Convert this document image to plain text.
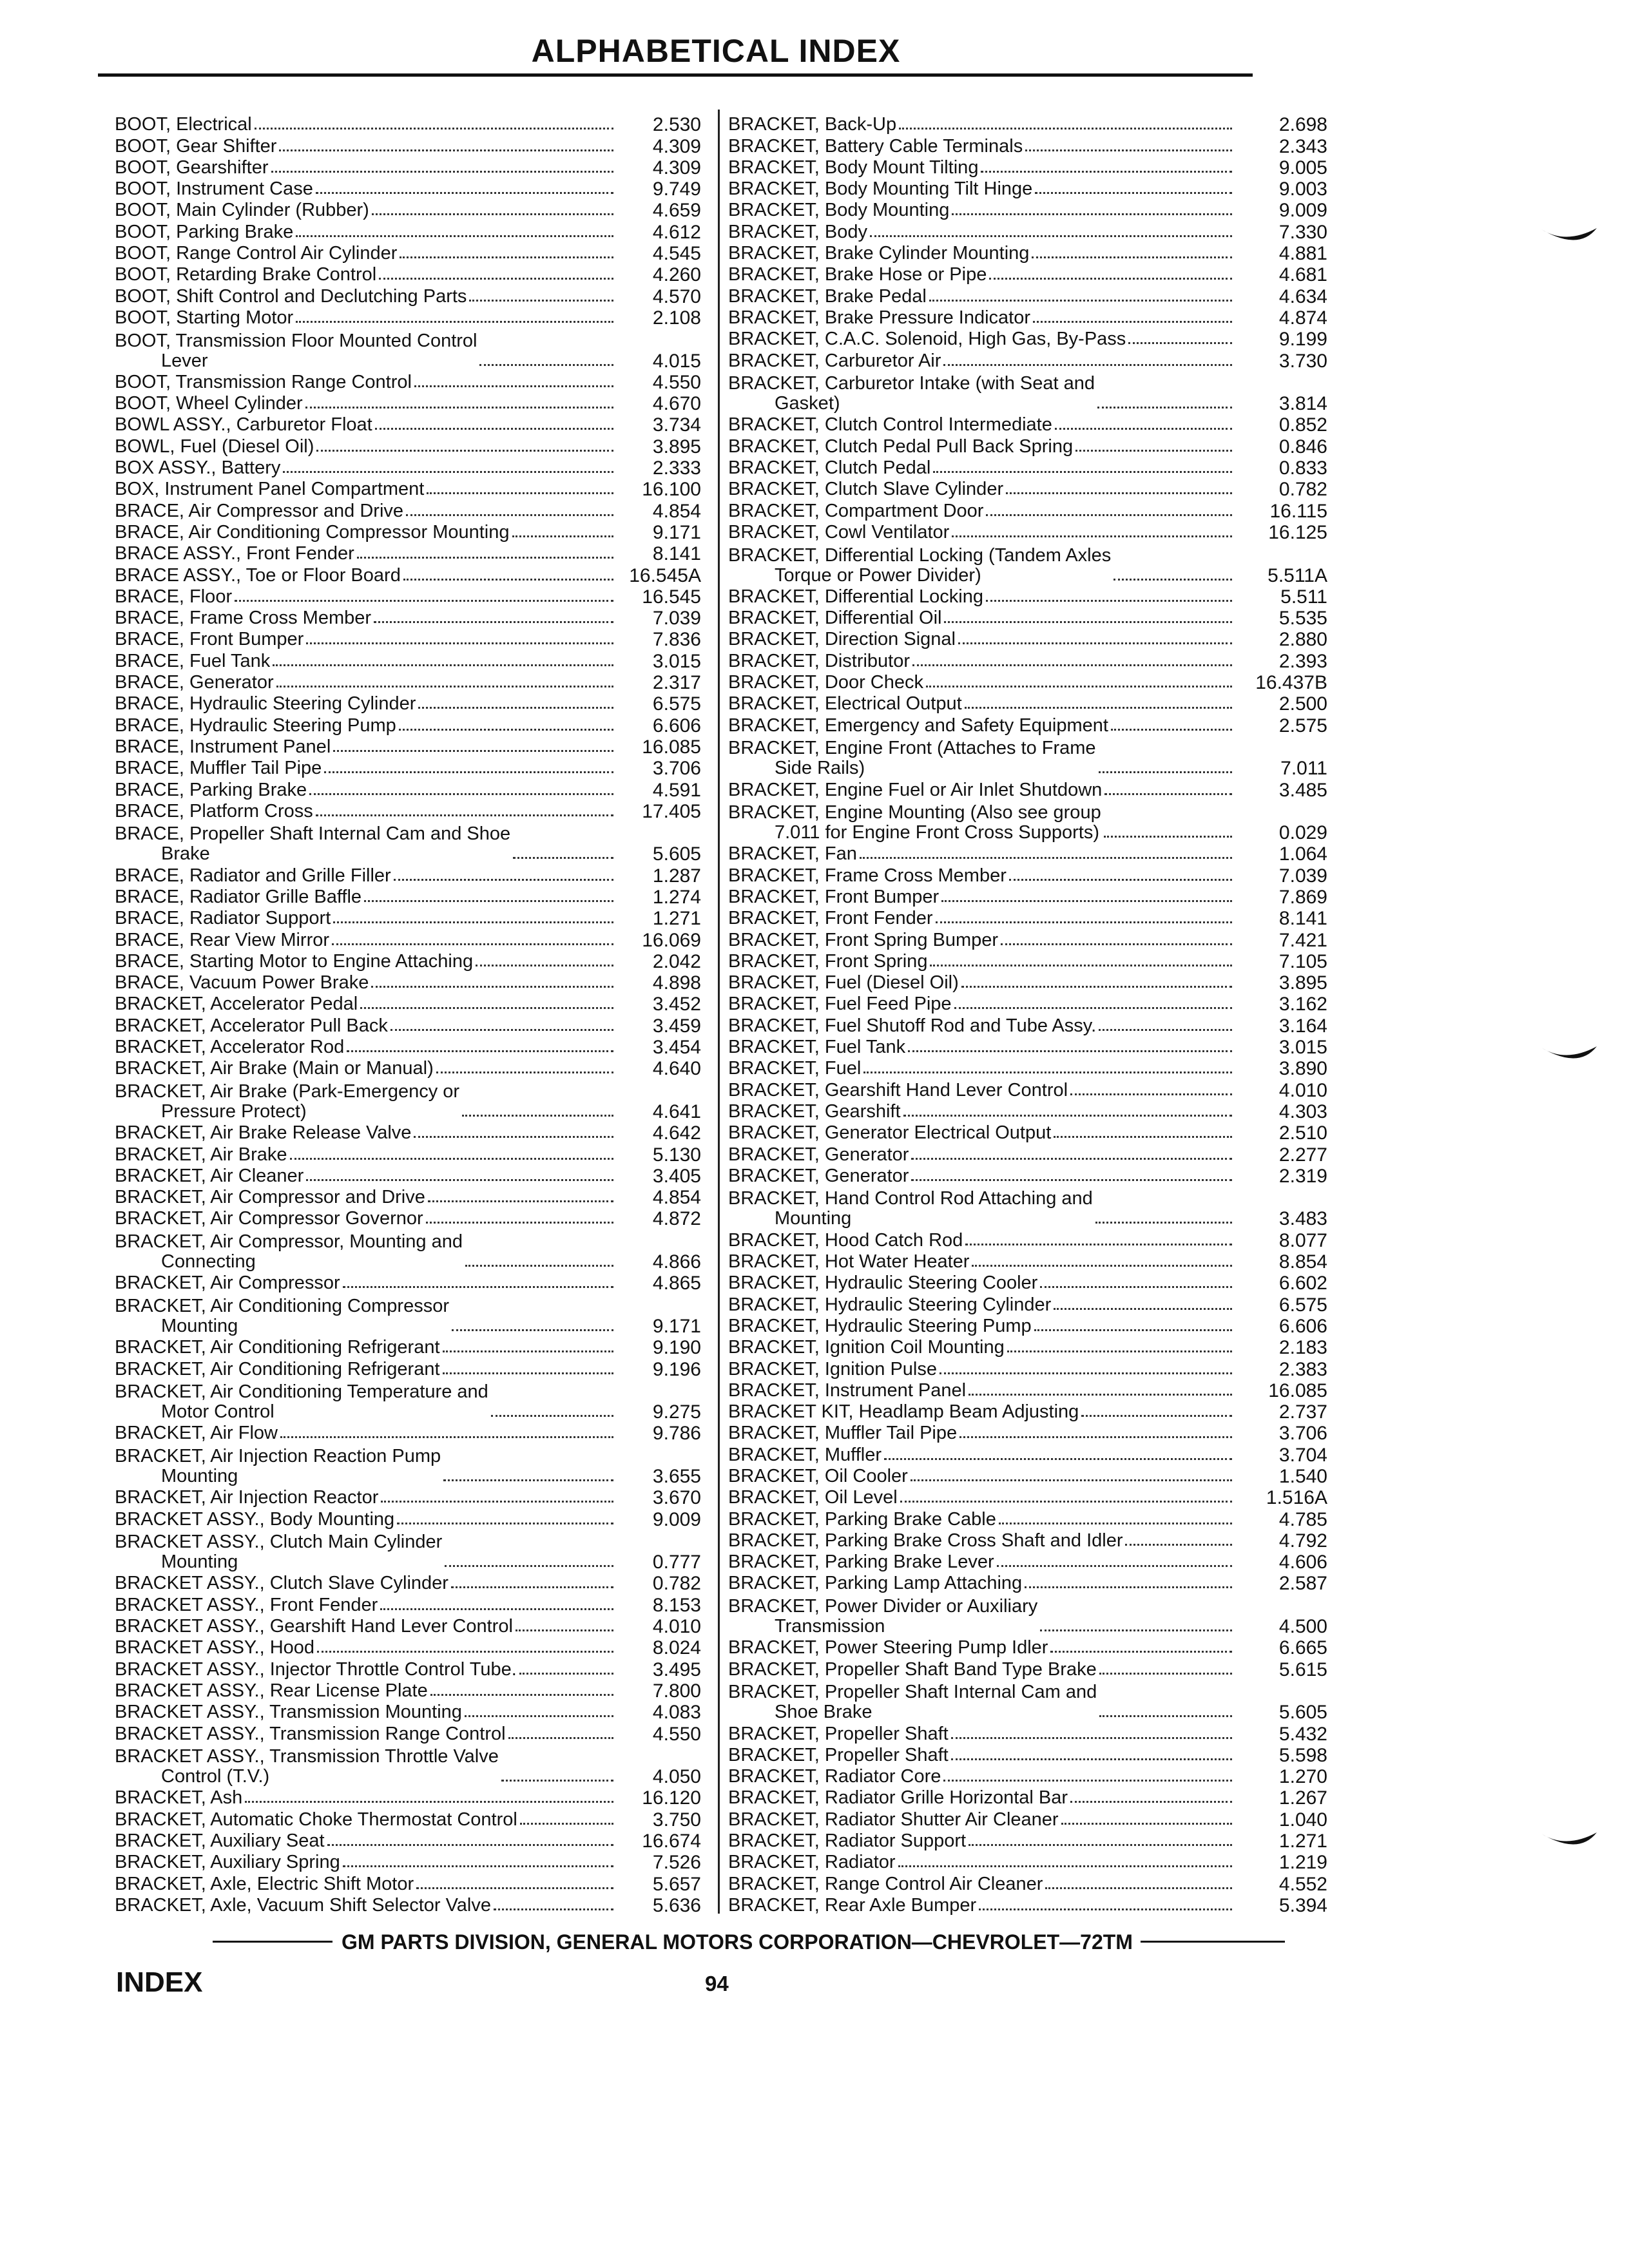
ALPHABETICAL INDEX
BOOT, Electrical	2.530
BOOT, Gear Shifter	4.309
BOOT, Gearshifter	4.309
BOOT, Instrument Case	9.749
BOOT, Main Cylinder (Rubber)	4.659
BOOT, Parking Brake	4.612
BOOT, Range Control Air Cylinder	4.545
BOOT, Retarding Brake Control	4.260
BOOT, Shift Control and Declutching Parts	4.570
BOOT, Starting Motor	2.108
BOOT, Transmission Floor Mounted Control
Lever	4.015
BOOT, Transmission Range Control	4.550
BOOT, Wheel Cylinder	4.670
BOWL ASSY., Carburetor Float	3.734
BOWL, Fuel (Diesel Oil)	3.895
BOX ASSY., Battery	2.333
BOX, Instrument Panel Compartment	16.100
BRACE, Air Compressor and Drive	4.854
BRACE, Air Conditioning Compressor Mounting	9.171
BRACE ASSY., Front Fender	8.141
BRACE ASSY., Toe or Floor Board	16.545A
BRACE, Floor	16.545
BRACE, Frame Cross Member	7.039
BRACE, Front Bumper	7.836
BRACE, Fuel Tank	3.015
BRACE, Generator	2.317
BRACE, Hydraulic Steering Cylinder	6.575
BRACE, Hydraulic Steering Pump	6.606
BRACE, Instrument Panel	16.085
BRACE, Muffler Tail Pipe	3.706
BRACE, Parking Brake	4.591
BRACE, Platform Cross	17.405
BRACE, Propeller Shaft Internal Cam and Shoe
Brake	5.605
BRACE, Radiator and Grille Filler	1.287
BRACE, Radiator Grille Baffle	1.274
BRACE, Radiator Support	1.271
BRACE, Rear View Mirror	16.069
BRACE, Starting Motor to Engine Attaching	2.042
BRACE, Vacuum Power Brake	4.898
BRACKET, Accelerator Pedal	3.452
BRACKET, Accelerator Pull Back	3.459
BRACKET, Accelerator Rod	3.454
BRACKET, Air Brake (Main or Manual)	4.640
BRACKET, Air Brake (Park-Emergency or
Pressure Protect)	4.641
BRACKET, Air Brake Release Valve	4.642
BRACKET, Air Brake	5.130
BRACKET, Air Cleaner	3.405
BRACKET, Air Compressor and Drive	4.854
BRACKET, Air Compressor Governor	4.872
BRACKET, Air Compressor, Mounting and
Connecting	4.866
BRACKET, Air Compressor	4.865
BRACKET, Air Conditioning Compressor
Mounting	9.171
BRACKET, Air Conditioning Refrigerant	9.190
BRACKET, Air Conditioning Refrigerant	9.196
BRACKET, Air Conditioning Temperature and
Motor Control	9.275
BRACKET, Air Flow	9.786
BRACKET, Air Injection Reaction Pump
Mounting	3.655
BRACKET, Air Injection Reactor	3.670
BRACKET ASSY., Body Mounting	9.009
BRACKET ASSY., Clutch Main Cylinder
Mounting	0.777
BRACKET ASSY., Clutch Slave Cylinder	0.782
BRACKET ASSY., Front Fender	8.153
BRACKET ASSY., Gearshift Hand Lever Control	4.010
BRACKET ASSY., Hood	8.024
BRACKET ASSY., Injector Throttle Control Tube.	3.495
BRACKET ASSY., Rear License Plate	7.800
BRACKET ASSY., Transmission Mounting	4.083
BRACKET ASSY., Transmission Range Control	4.550
BRACKET ASSY., Transmission Throttle Valve
Control (T.V.)	4.050
BRACKET, Ash	16.120
BRACKET, Automatic Choke Thermostat Control	3.750
BRACKET, Auxiliary Seat	16.674
BRACKET, Auxiliary Spring	7.526
BRACKET, Axle, Electric Shift Motor	5.657
BRACKET, Axle, Vacuum Shift Selector Valve	5.636
BRACKET, Back-Up	2.698
BRACKET, Battery Cable Terminals	2.343
BRACKET, Body Mount Tilting	9.005
BRACKET, Body Mounting Tilt Hinge	9.003
BRACKET, Body Mounting	9.009
BRACKET, Body	7.330
BRACKET, Brake Cylinder Mounting	4.881
BRACKET, Brake Hose or Pipe	4.681
BRACKET, Brake Pedal	4.634
BRACKET, Brake Pressure Indicator	4.874
BRACKET, C.A.C. Solenoid, High Gas, By-Pass	9.199
BRACKET, Carburetor Air	3.730
BRACKET, Carburetor Intake (with Seat and
Gasket)	3.814
BRACKET, Clutch Control Intermediate	0.852
BRACKET, Clutch Pedal Pull Back Spring	0.846
BRACKET, Clutch Pedal	0.833
BRACKET, Clutch Slave Cylinder	0.782
BRACKET, Compartment Door	16.115
BRACKET, Cowl Ventilator	16.125
BRACKET, Differential Locking (Tandem Axles
Torque or Power Divider)	5.511A
BRACKET, Differential Locking	5.511
BRACKET, Differential Oil	5.535
BRACKET, Direction Signal	2.880
BRACKET, Distributor	2.393
BRACKET, Door Check	16.437B
BRACKET, Electrical Output	2.500
BRACKET, Emergency and Safety Equipment	2.575
BRACKET, Engine Front (Attaches to Frame
Side Rails)	7.011
BRACKET, Engine Fuel or Air Inlet Shutdown	3.485
BRACKET, Engine Mounting (Also see group
7.011 for Engine Front Cross Supports)	0.029
BRACKET, Fan	1.064
BRACKET, Frame Cross Member	7.039
BRACKET, Front Bumper	7.869
BRACKET, Front Fender	8.141
BRACKET, Front Spring Bumper	7.421
BRACKET, Front Spring	7.105
BRACKET, Fuel (Diesel Oil)	3.895
BRACKET, Fuel Feed Pipe	3.162
BRACKET, Fuel Shutoff Rod and Tube Assy.	3.164
BRACKET, Fuel Tank	3.015
BRACKET, Fuel	3.890
BRACKET, Gearshift Hand Lever Control	4.010
BRACKET, Gearshift	4.303
BRACKET, Generator Electrical Output	2.510
BRACKET, Generator	2.277
BRACKET, Generator	2.319
BRACKET, Hand Control Rod Attaching and
Mounting	3.483
BRACKET, Hood Catch Rod	8.077
BRACKET, Hot Water Heater	8.854
BRACKET, Hydraulic Steering Cooler	6.602
BRACKET, Hydraulic Steering Cylinder	6.575
BRACKET, Hydraulic Steering Pump	6.606
BRACKET, Ignition Coil Mounting	2.183
BRACKET, Ignition Pulse	2.383
BRACKET, Instrument Panel	16.085
BRACKET KIT, Headlamp Beam Adjusting	2.737
BRACKET, Muffler Tail Pipe	3.706
BRACKET, Muffler	3.704
BRACKET, Oil Cooler	1.540
BRACKET, Oil Level	1.516A
BRACKET, Parking Brake Cable	4.785
BRACKET, Parking Brake Cross Shaft and Idler	4.792
BRACKET, Parking Brake Lever	4.606
BRACKET, Parking Lamp Attaching	2.587
BRACKET, Power Divider or Auxiliary
Transmission	4.500
BRACKET, Power Steering Pump Idler	6.665
BRACKET, Propeller Shaft Band Type Brake	5.615
BRACKET, Propeller Shaft Internal Cam and
Shoe Brake	5.605
BRACKET, Propeller Shaft	5.432
BRACKET, Propeller Shaft	5.598
BRACKET, Radiator Core	1.270
BRACKET, Radiator Grille Horizontal Bar	1.267
BRACKET, Radiator Shutter Air Cleaner	1.040
BRACKET, Radiator Support	1.271
BRACKET, Radiator	1.219
BRACKET, Range Control Air Cleaner	4.552
BRACKET, Rear Axle Bumper	5.394
GM PARTS DIVISION, GENERAL MOTORS CORPORATION—CHEVROLET—72TM
INDEX	94
